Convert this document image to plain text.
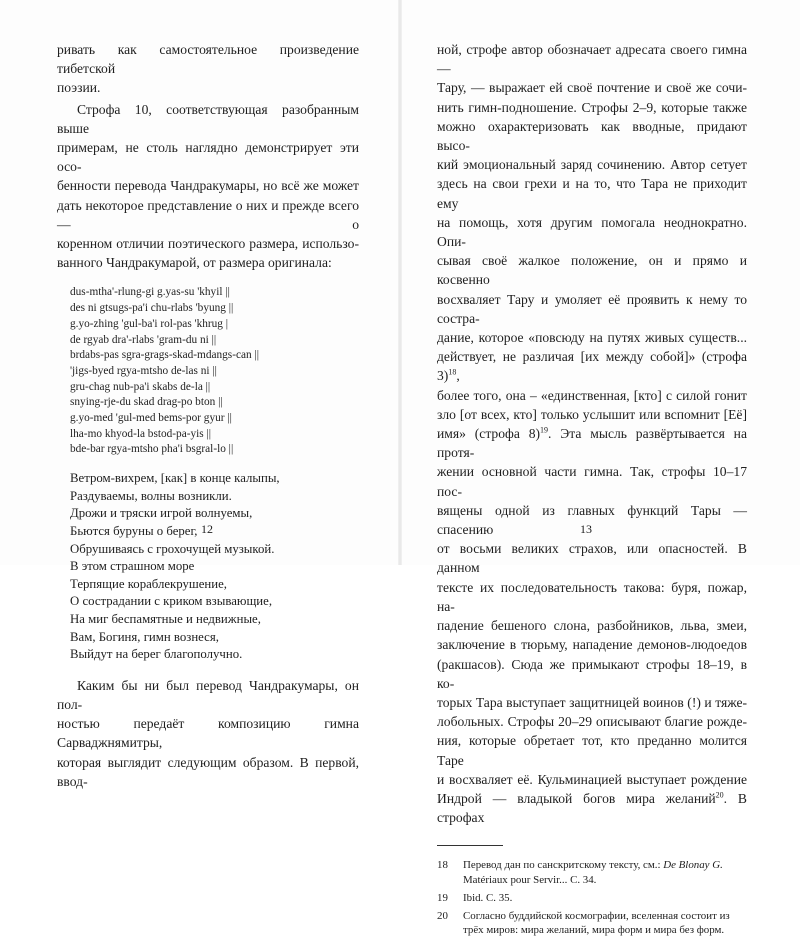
ривать как самостоятельное произведение тибетской
поэзии.

Строфа 10, соответствующая разобранным выше
примерам, не столь наглядно демонстрирует эти осо-
бенности перевода Чандракумары, но всё же может
дать некоторое представление о них и прежде всего — о
коренном отличии поэтического размера, использо-
ванного Чандракумарой, от размера оригинала:

dus-mtha'-rlung-gi g.yas-su 'khyil ||
des ni gtsugs-pa'i chu-rlabs 'byung ||
g.yo-zhing 'gul-ba'i rol-pas 'khrug |
de rgyab dra'-rlabs 'gram-du ni ||
brdabs-pas sgra-grags-skad-mdangs-can ||
'jigs-byed rgya-mtsho de-las ni ||
gru-chag nub-pa'i skabs de-la ||
snying-rje-du skad drag-po bton ||
g.yo-med 'gul-med bems-por gyur ||
lha-mo khyod-la bstod-pa-yis ||
bde-bar rgya-mtsho pha'i bsgral-lo ||
Ветром-вихрем, [как] в конце калыпы,
Раздуваемы, волны возникли.
Дрожи и тряски игрой волнуемы,
Бьются буруны о берег,
Обрушиваясь с грохочущей музыкой.
В этом страшном море
Терпящие кораблекрушение,
О сострадании с криком взывающие,
На миг беспамятные и недвижные,
Вам, Богиня, гимн вознеся,
Выйдут на берег благополучно.

Каким бы ни был перевод Чандракумары, он пол-
ностью передаёт композицию гимна Сарваджнямитры,
которая выглядит следующим образом. В первой, ввод-

12

ной, строфе автор обозначает адресата своего гимна —
Тару, — выражает ей своё почтение и своё жe сочи-
нить гимн-подношение. Строфы 2–9, которые также
можно охарактеризовать как вводные, придают высо-
кий эмоциональный заряд сочинению. Автор сетует
здесь на свои грехи и на то, что Тара не приходит ему
на помощь, хотя другим помогала неоднократно. Опи-
сывая своё жалкое положение, он и прямо и косвенно
восхваляет Тару и умоляет её проявить к нему то состра-
дание, которое «повсюду на путях живых существ...
действует, не различая [их между собой]» (строфа 3)$^{18}$,
более того, она – «единственная, [кто] с силой гонит
зло [от всех, кто] только услышит или вспомнит [Её]
имя» (строфа 8)$^{19}$. Эта мысль развёртывается на протя-
жении основной части гимна. Так, строфы 10–17 пос-
вящены одной из главных функций Тары — спасению
от восьми великих страхов, или опасностей. В данном
тексте их последовательность такова: буря, пожар, на-
падение бешеного слона, разбойников, льва, змеи,
заключение в тюрьму, нападение демонов-людоедов
(ракшасов). Сюда же примыкают строфы 18–19, в ко-
торых Тара выступает защитницей воинов (!) и тяже-
лобольных. Строфы 20–29 описывают благие рожде-
ния, которые обретает тот, кто преданно молится Таре
и восхваляет её. Кульминацией выступает рождение
Индрой — владыкой богов мира желаний$^{20}$. В строфах

18	Перевод дан по санскритскому тексту, см.: De Blonay G. Matériaux pour Servir... С. 34.
19	Ibid. С. 35.
20	Согласно буддийской космографии, вселенная состоит из трёх миров: мира желаний, мира форм и мира без форм.
13
